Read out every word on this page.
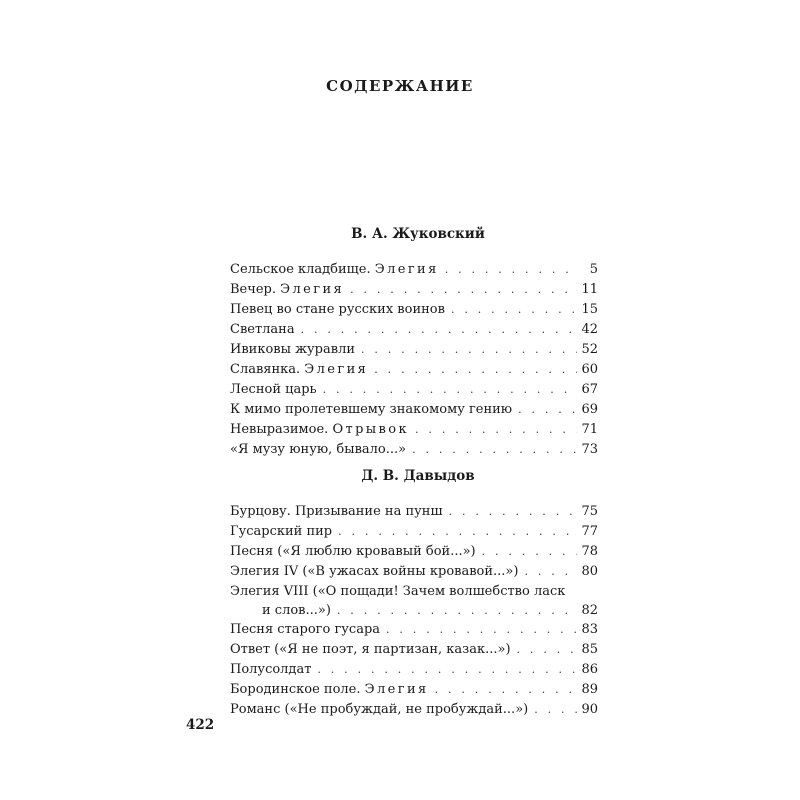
СОДЕРЖАНИЕ
В. А. Жуковский
Сельское кладбище. Элегия . . .	5
Вечер. Элегия . . .	11
Певец во стане русских воинов . . .	15
Светлана . . .	42
Ивиковы журавли . . .	52
Славянка. Элегия . . .	60
Лесной царь . . .	67
К мимо пролетевшему знакомому гению . . .	69
Невыразимое. Отрывок . . .	71
«Я музу юную, бывало...» . . .	73
Д. В. Давыдов
Бурцову. Призывание на пунш . . .	75
Гусарский пир . . .	77
Песня («Я люблю кровавый бой...») . . .	78
Элегия IV («В ужасах войны кровавой...») . . .	80
Элегия VIII («О пощади! Зачем волшебство ласк
и слов...») . . .	82
Песня старого гусара . . .	83
Ответ («Я не поэт, я партизан, казак...») . . .	85
Полусолдат . . .	86
Бородинское поле. Элегия . . .	89
Романс («Не пробуждай, не пробуждай...») . . .	90
422
